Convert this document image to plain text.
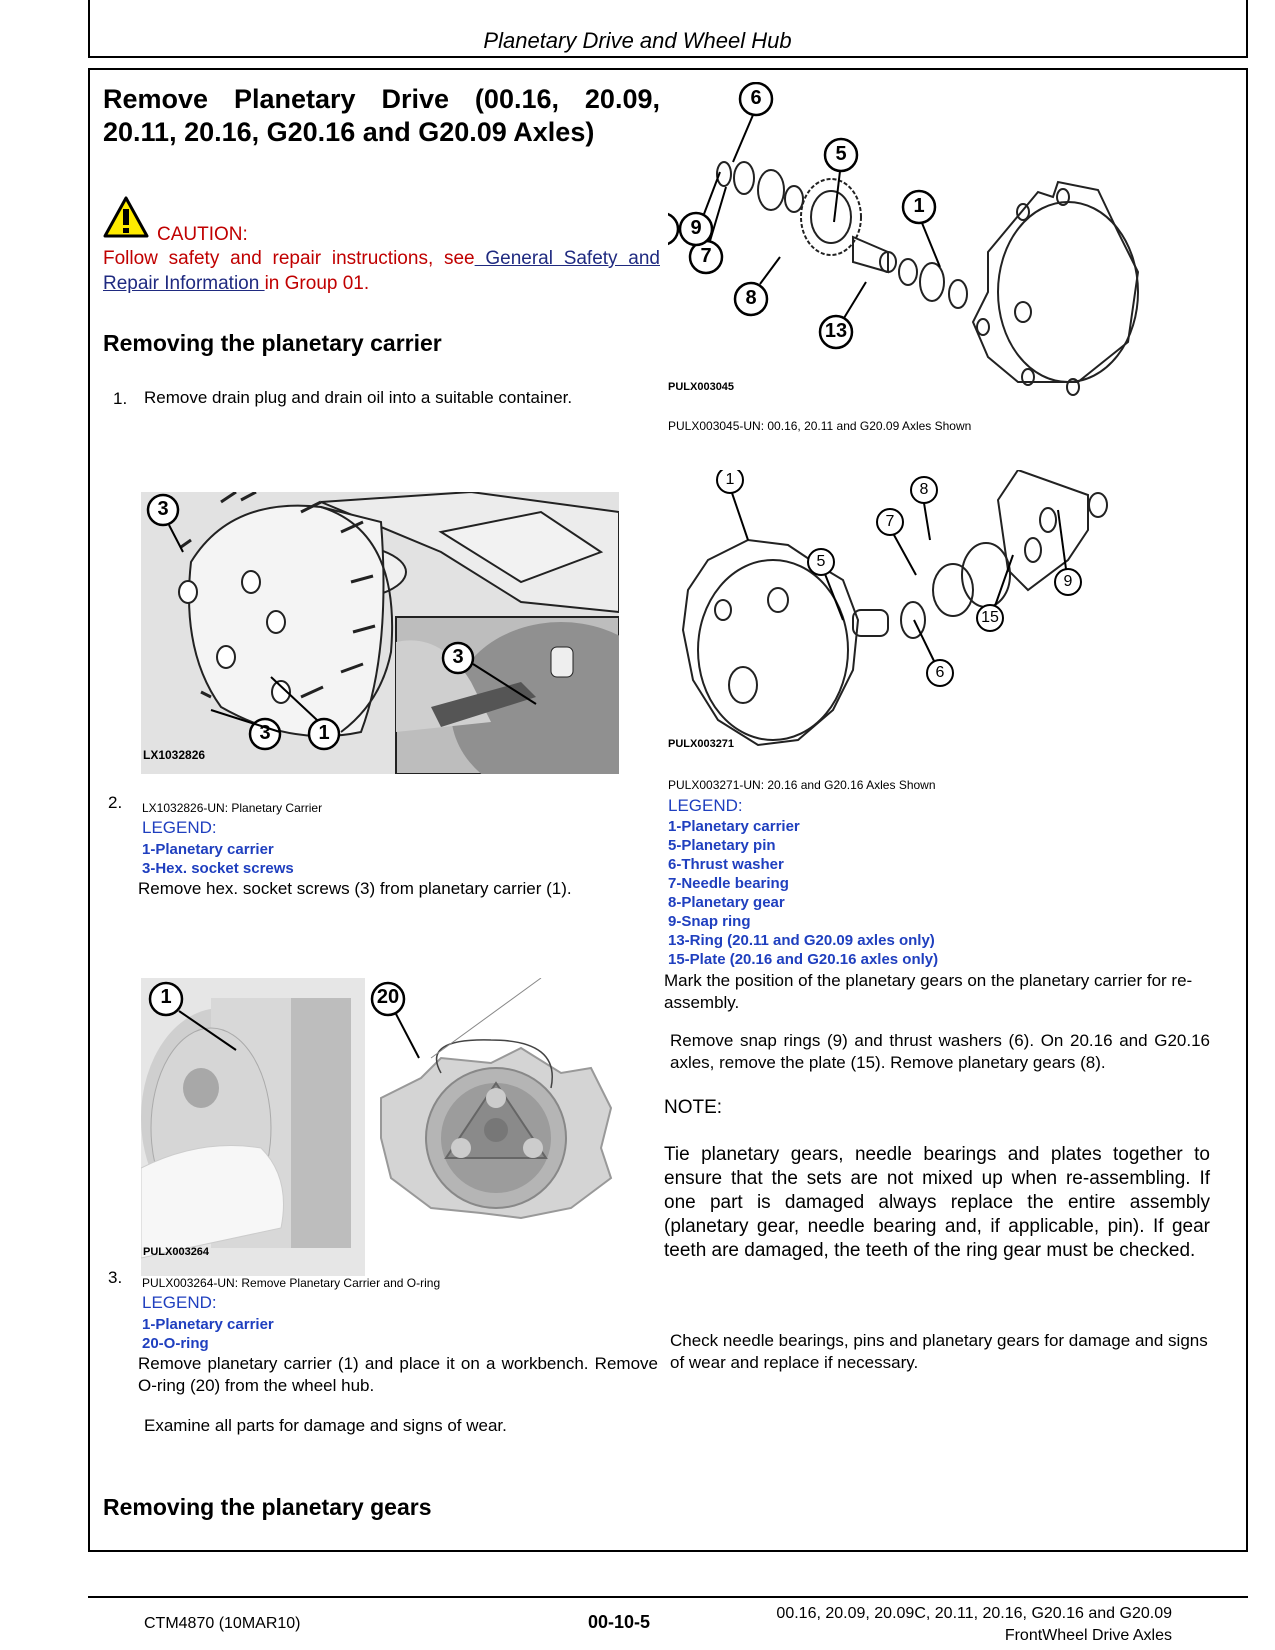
Planetary Drive and Wheel Hub
Remove Planetary Drive (00.16, 20.09, 20.11, 20.16, G20.16 and G20.09 Axles)
CAUTION:
Follow safety and repair instructions, see General Safety and Repair Information in Group 01.
Removing the planetary carrier
1. Remove drain plug and drain oil into a suitable container.
LX1032826
3
3
1
3
2. LX1032826-UN: Planetary Carrier
LEGEND:
1-Planetary carrier
3-Hex. socket screws
Remove hex. socket screws (3) from planetary carrier (1).
PULX003264
1	20
3. PULX003264-UN: Remove Planetary Carrier and O-ring
LEGEND:
1-Planetary carrier
20-O-ring
Remove planetary carrier (1) and place it on a workbench. Remove O-ring (20) from the wheel hub.
Examine all parts for damage and signs of wear.
Removing the planetary gears
6
5
1
9
7
8
13
PULX003045
PULX003045-UN: 00.16, 20.11 and G20.09 Axles Shown
1
8
7
5
9
15
6
PULX003271
PULX003271-UN: 20.16 and G20.16 Axles Shown
LEGEND:
1-Planetary carrier
5-Planetary pin
6-Thrust washer
7-Needle bearing
8-Planetary gear
9-Snap ring
13-Ring (20.11 and G20.09 axles only)
15-Plate (20.16 and G20.16 axles only)
Mark the position of the planetary gears on the planetary carrier for re-assembly.
Remove snap rings (9) and thrust washers (6). On 20.16 and G20.16 axles, remove the plate (15). Remove planetary gears (8).
NOTE:
Tie planetary gears, needle bearings and plates together to ensure that the sets are not mixed up when re-assembling. If one part is damaged always replace the entire assembly (planetary gear, needle bearing and, if applicable, pin). If gear teeth are damaged, the teeth of the ring gear must be checked.
Check needle bearings, pins and planetary gears for damage and signs of wear and replace if necessary.
CTM4870 (10MAR10)	00-10-5	00.16, 20.09, 20.09C, 20.11, 20.16, G20.16 and G20.09
FrontWheel Drive Axles
